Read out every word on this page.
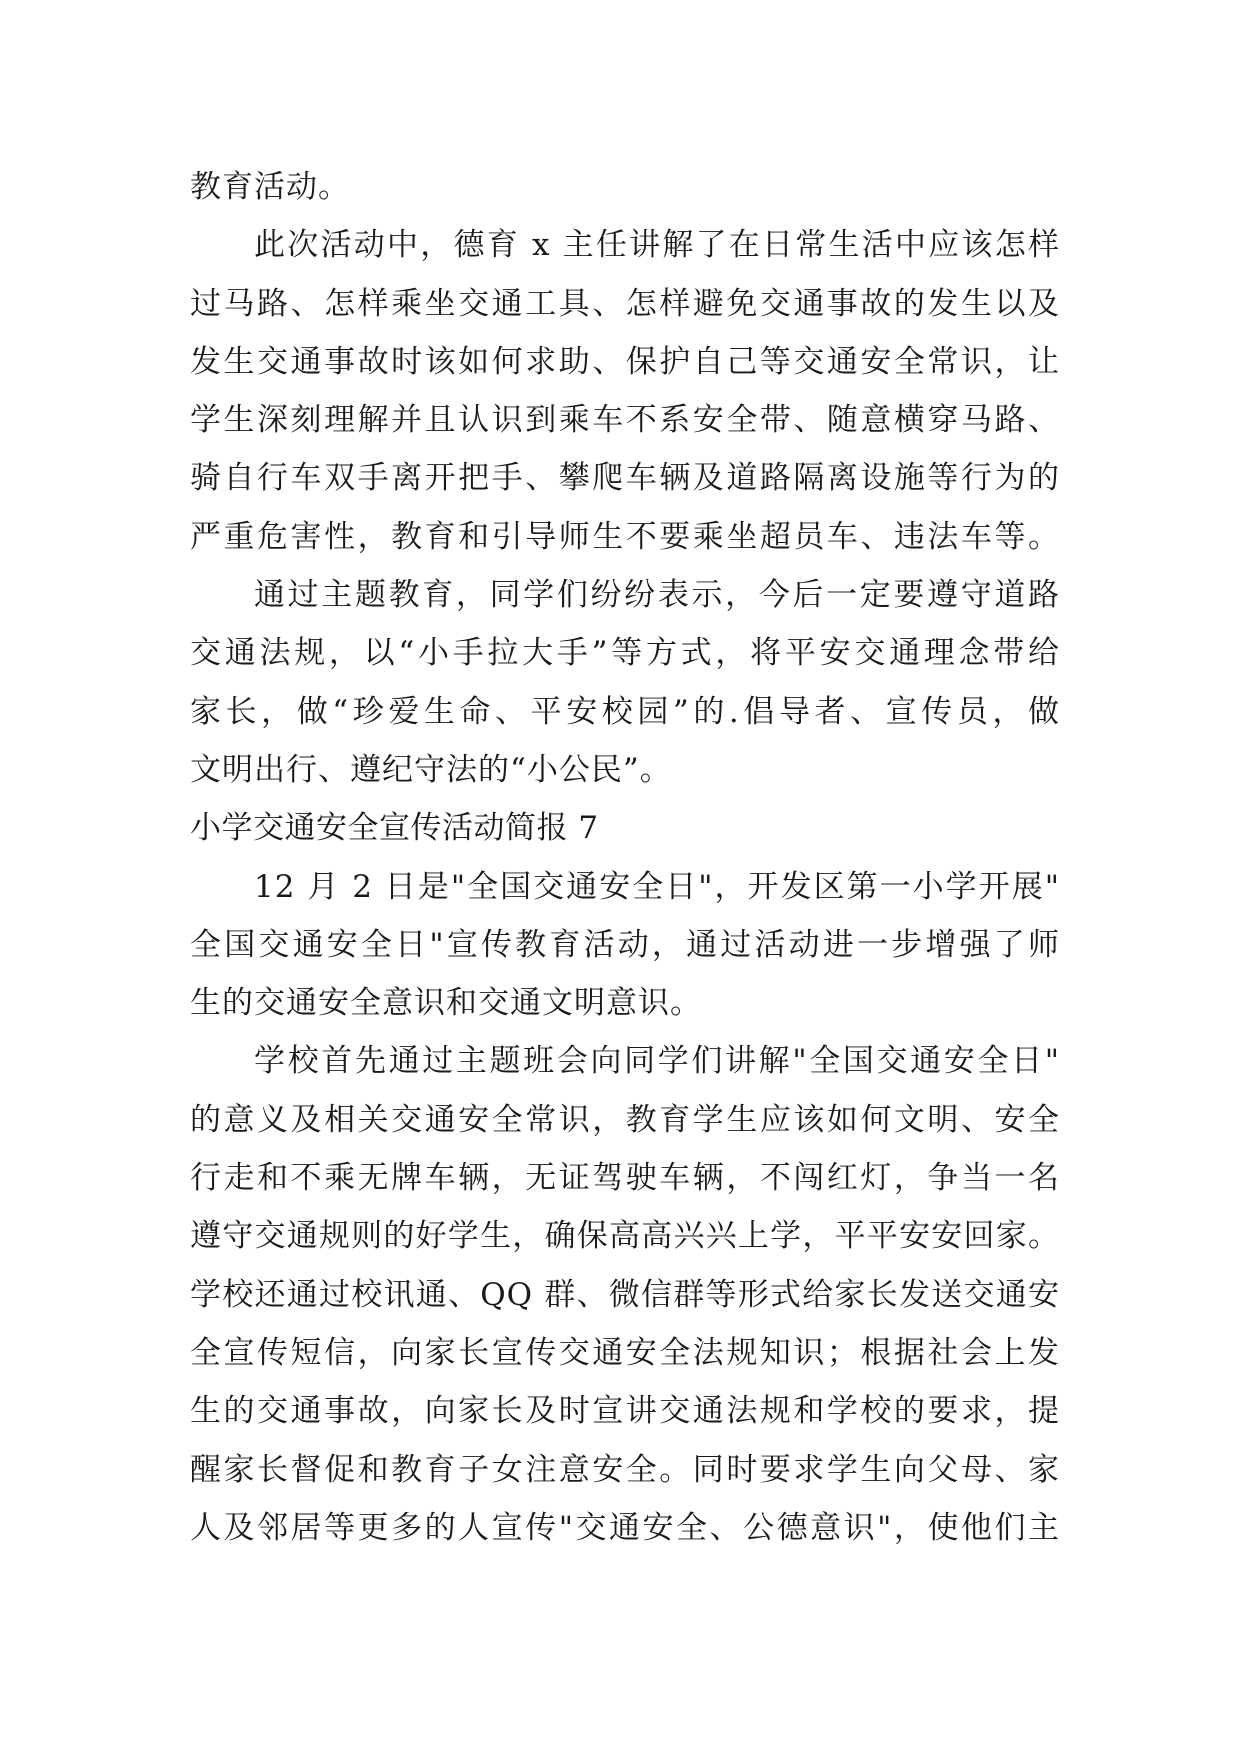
教育活动。
此次活动中，德育 x 主任讲解了在日常生活中应该怎样
过马路、怎样乘坐交通工具、怎样避免交通事故的发生以及
发生交通事故时该如何求助、保护自己等交通安全常识，让
学生深刻理解并且认识到乘车不系安全带、随意横穿马路、
骑自行车双手离开把手、攀爬车辆及道路隔离设施等行为的
严重危害性，教育和引导师生不要乘坐超员车、违法车等。
通过主题教育，同学们纷纷表示，今后一定要遵守道路
交通法规，以“小手拉大手”等方式，将平安交通理念带给
家长，做“珍爱生命、平安校园”的.倡导者、宣传员，做
文明出行、遵纪守法的“小公民”。
小学交通安全宣传活动简报 7
12 月 2 日是"全国交通安全日"，开发区第一小学开展"
全国交通安全日"宣传教育活动，通过活动进一步增强了师
生的交通安全意识和交通文明意识。
学校首先通过主题班会向同学们讲解"全国交通安全日"
的意义及相关交通安全常识，教育学生应该如何文明、安全
行走和不乘无牌车辆，无证驾驶车辆，不闯红灯，争当一名
遵守交通规则的好学生，确保高高兴兴上学，平平安安回家。
学校还通过校讯通、QQ 群、微信群等形式给家长发送交通安
全宣传短信，向家长宣传交通安全法规知识；根据社会上发
生的交通事故，向家长及时宣讲交通法规和学校的要求，提
醒家长督促和教育子女注意安全。同时要求学生向父母、家
人及邻居等更多的人宣传"交通安全、公德意识"，使他们主
